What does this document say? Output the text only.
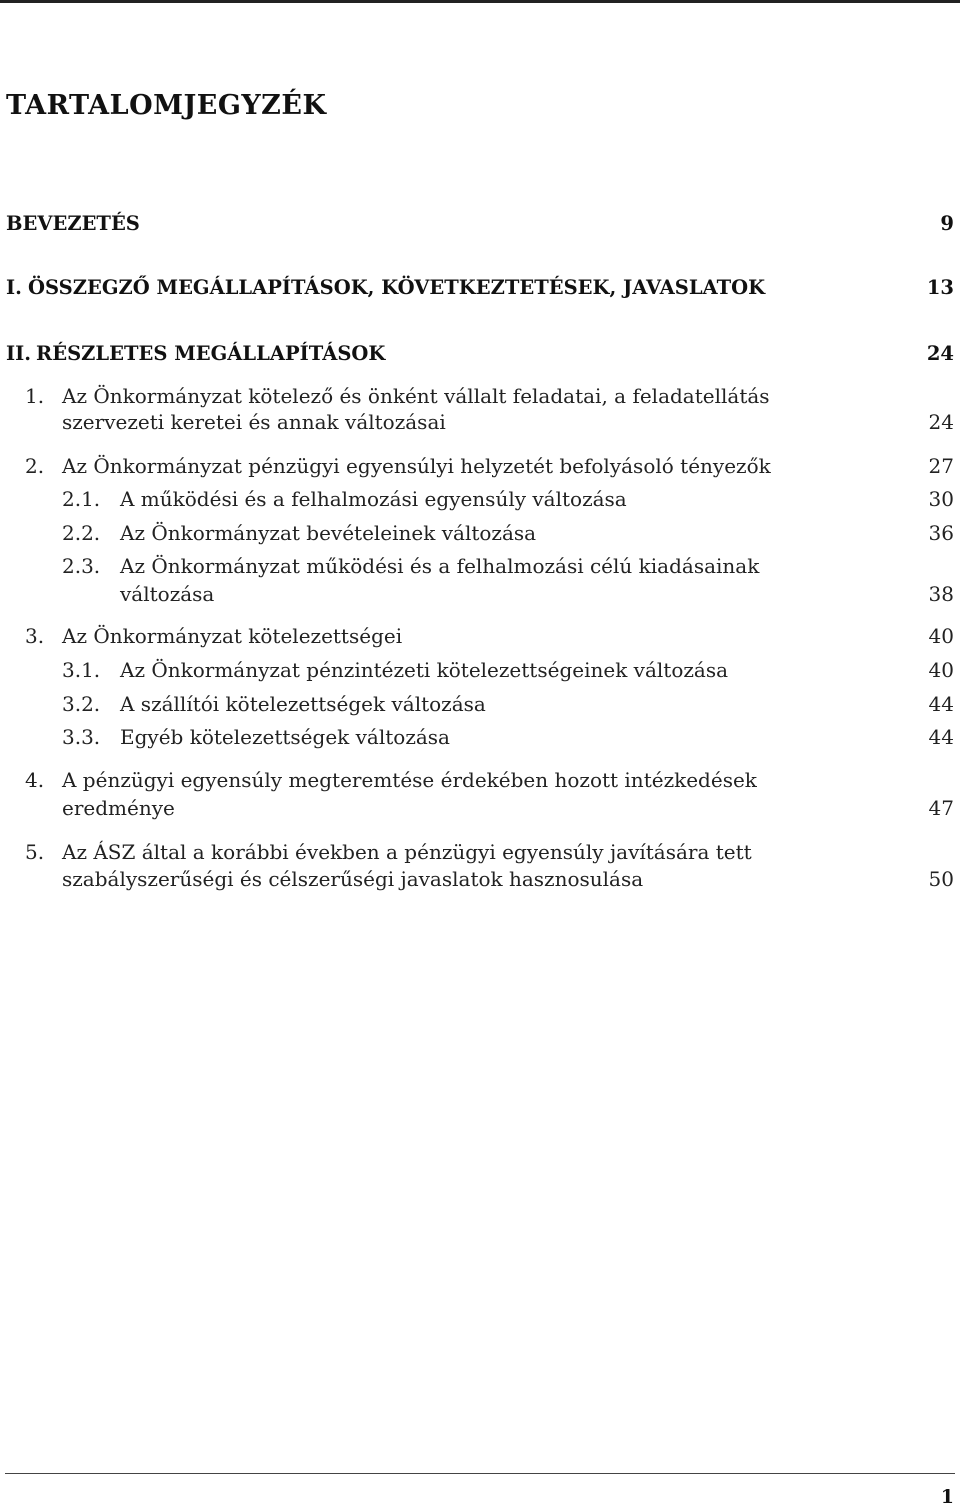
TARTALOMJEGYZÉK
BEVEZETÉS	9
I. ÖSSZEGZŐ MEGÁLLAPÍTÁSOK, KÖVETKEZTETÉSEK, JAVASLATOK	13
II. RÉSZLETES MEGÁLLAPÍTÁSOK	24
1. Az Önkormányzat kötelező és önként vállalt feladatai, a feladatellátás
szervezeti keretei és annak változásai	24
2. Az Önkormányzat pénzügyi egyensúlyi helyzetét befolyásoló tényezők	27
2.1. A működési és a felhalmozási egyensúly változása	30
2.2. Az Önkormányzat bevételeinek változása	36
2.3. Az Önkormányzat működési és a felhalmozási célú kiadásainak
változása	38
3. Az Önkormányzat kötelezettségei	40
3.1. Az Önkormányzat pénzintézeti kötelezettségeinek változása	40
3.2. A szállítói kötelezettségek változása	44
3.3. Egyéb kötelezettségek változása	44
4. A pénzügyi egyensúly megteremtése érdekében hozott intézkedések
eredménye	47
5. Az ÁSZ által a korábbi években a pénzügyi egyensúly javítására tett
szabályszerűségi és célszerűségi javaslatok hasznosulása	50
1
